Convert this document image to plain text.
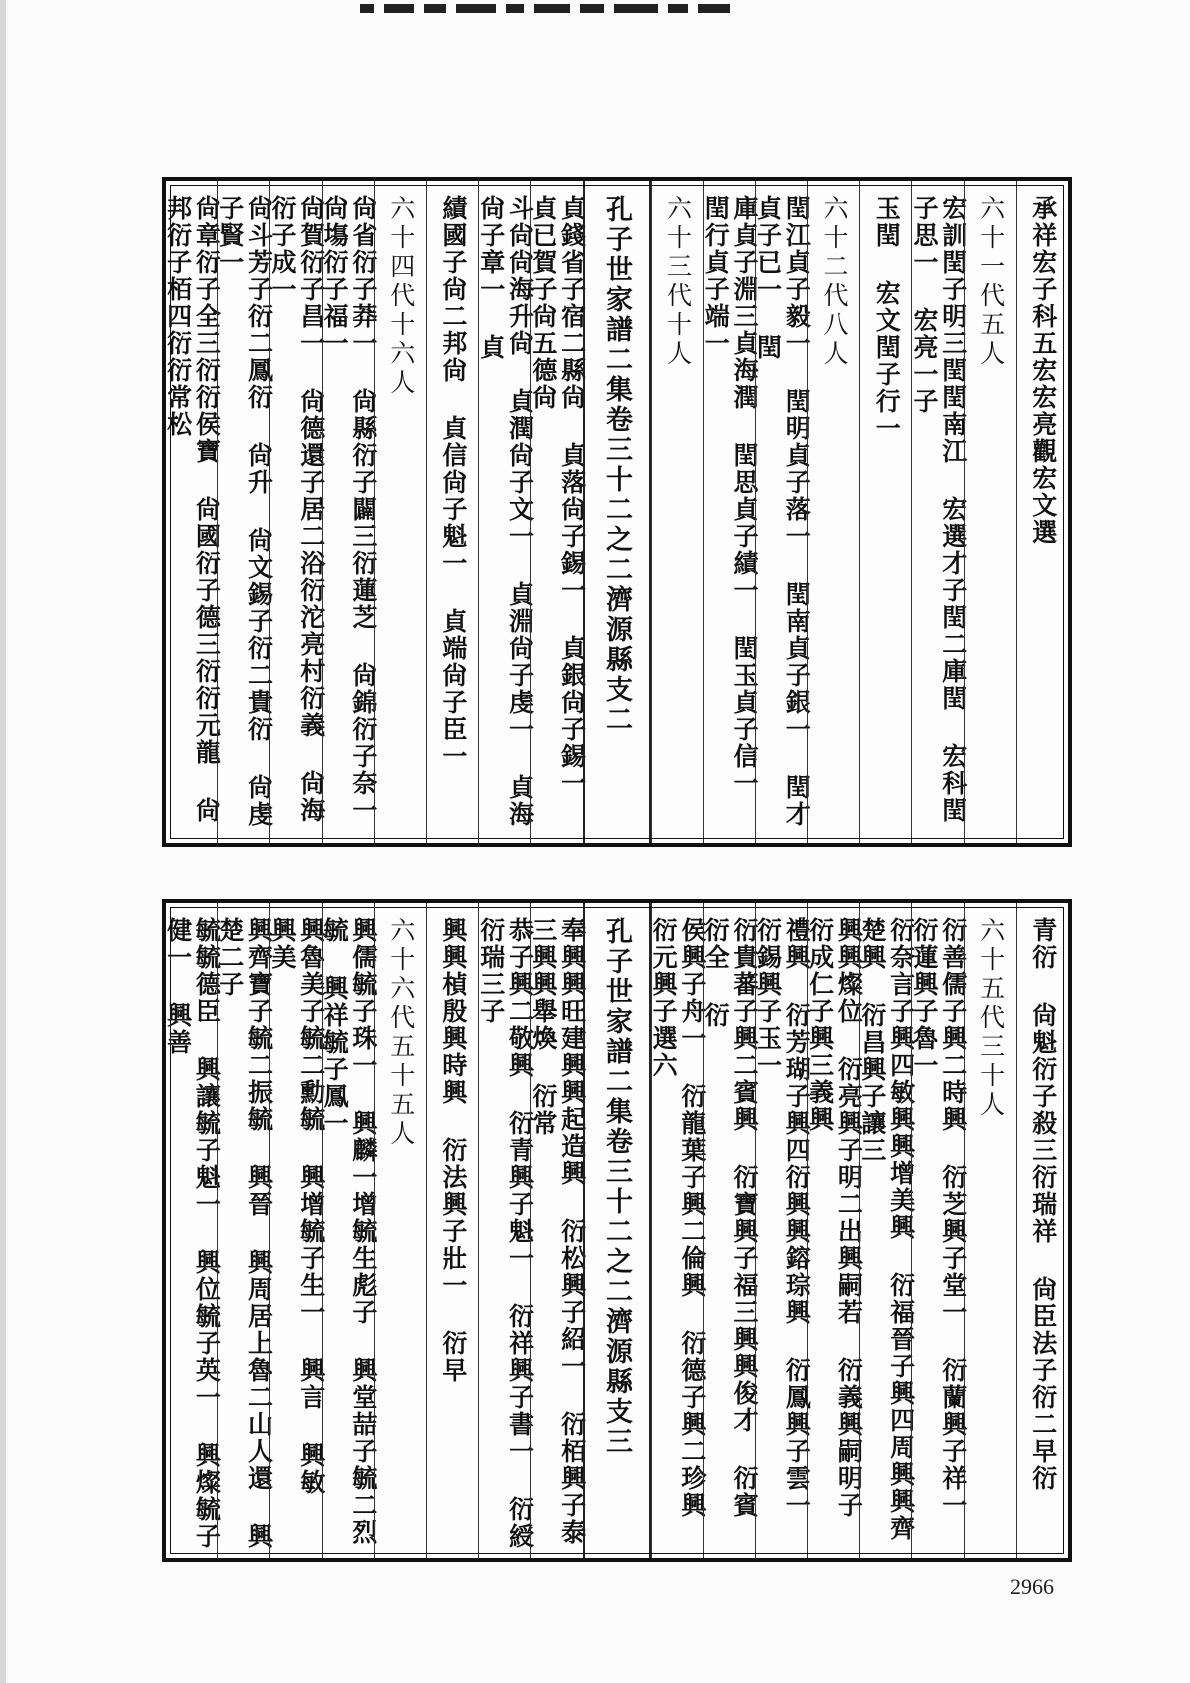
承祥宏子科五宏宏亮觀宏文選
六十一代五人
宏訓閏子明三閏閏南江 宏選才子閏二庫閏 宏科閏子思一 宏亮一子
玉閏 宏文閏子行一
六十二代八人
閏江貞子毅一 閏明貞子落一 閏南貞子銀一 閏才貞子已一 閏
庫貞子淵三貞海潤 閏思貞子績一 閏玉貞子信一 閏行貞子端一
六十三代十人
孔子世家譜二集卷三十二之二濟源縣支二
貞錢省子宿二縣尙 貞落尙子錫一 貞銀尙子錫一 貞已賀子尙五德尙
斗尙尙海升尙 貞潤尙子文一 貞淵尙子虔一 貞海尙子章一 貞
績國子尙二邦尙 貞信尙子魁一 貞端尙子臣一
六十四代十六人
尙省衍子莽一 尙縣衍子闢三衍蓮芝 尙錦衍子奈一 尙塲衍子福一
尙賀衍子昌一 尙德還子居二浴衍沱亮村衍義 尙海衍子成一
尙斗芳子衍二鳳衍 尙升 尙文錫子衍二貴衍 尙虔子賢一
尙章衍子全三衍衍侯寶 尙國衍子德三衍衍元龍 尙邦衍子栢四衍衍常松
青衍 尙魁衍子殺三衍瑞祥 尙臣法子衍二早衍
六十五代三十人
衍善儒子興二時興 衍芝興子堂一 衍蘭興子祥一 衍蓮興子魯一
衍奈言子興四敏興興增美興 衍福晉子興四周興興齊楚興 衍昌興子讓三
興興燦位 衍亮興子明二出興嗣若 衍義興嗣明子 衍成仁子興三義興
禮興 衍芳瑚子興四衍興興鎔琮興 衍鳳興子雲一 衍錫興子玉一
衍貴蕃子興二賓興 衍寶興子福三興興俊才 衍賓 衍全 衍
侯興子舟一 衍龍葉子興二倫興 衍德子興二珍興 衍元興子選六
孔子世家譜二集卷三十二之二濟源縣支三
奉興興旺建興興起造興 衍松興子紹一 衍栢興子泰三興興舉煥 衍常
恭子興二敬興 衍青興子魁一 衍祥興子書一 衍綬 衍瑞三子
興興楨殷興時興 衍法興子壯一 衍早
六十六代五十五人
興儒毓子珠一 興麟一增毓生彪子 興堂喆子毓二烈毓 興祥毓子鳳一
興魯美子毓二勳毓 興增毓子生一 興言 興敏 興美
興齊寶子毓二振毓 興晉 興周居上魯二山人還 興楚二子
毓毓德臣 興讓毓子魁一 興位毓子英一 興燦毓子健一 興善
2966
